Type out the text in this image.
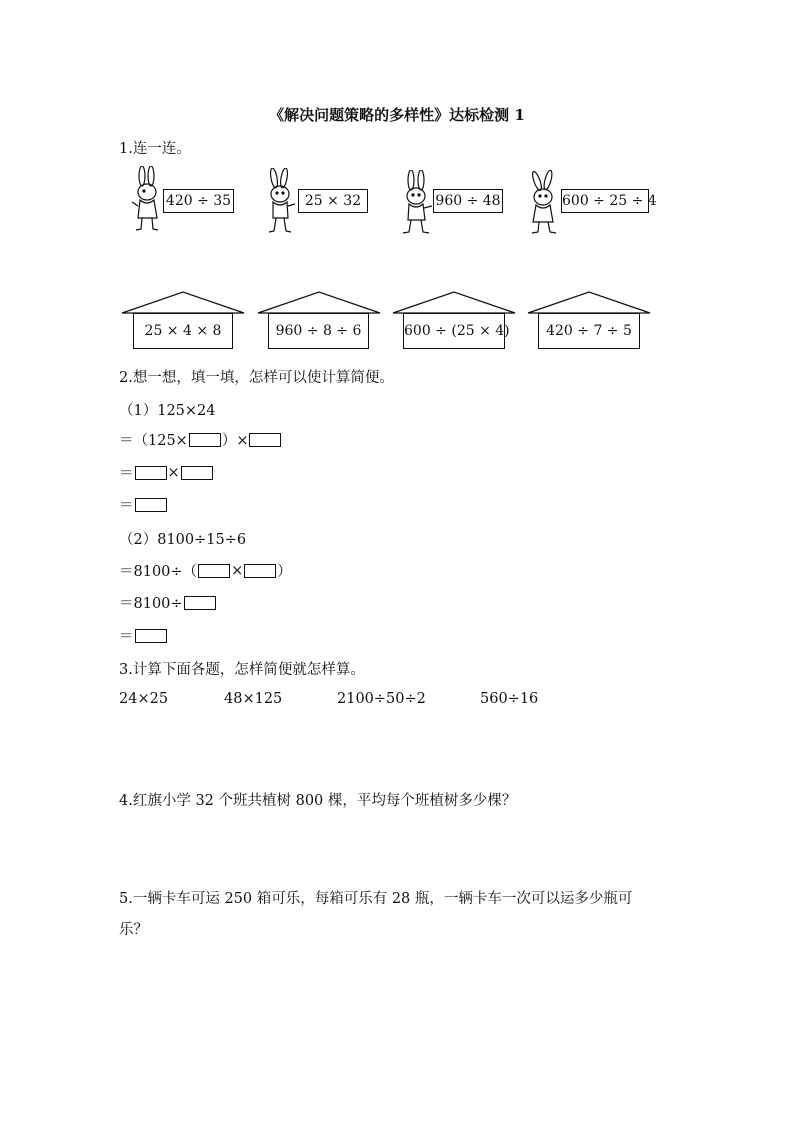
《解决问题策略的多样性》达标检测 1
1.连一连。
420 ÷ 35	25 × 32	960 ÷ 48	600 ÷ 25 ÷ 4
25 × 4 × 8	960 ÷ 8 ÷ 6	600 ÷ (25 × 4)	420 ÷ 7 ÷ 5
2.想一想，填一填，怎样可以使计算简便。
（1）125×24
＝（125× ）×
＝ ×
＝
（2）8100÷15÷6
＝8100÷（ × ）
＝8100÷
＝
3.计算下面各题，怎样简便就怎样算。
24×25	48×125	2100÷50÷2	560÷16
4.红旗小学 32 个班共植树 800 棵，平均每个班植树多少棵？
5.一辆卡车可运 250 箱可乐，每箱可乐有 28 瓶，一辆卡车一次可以运多少瓶可
乐？
